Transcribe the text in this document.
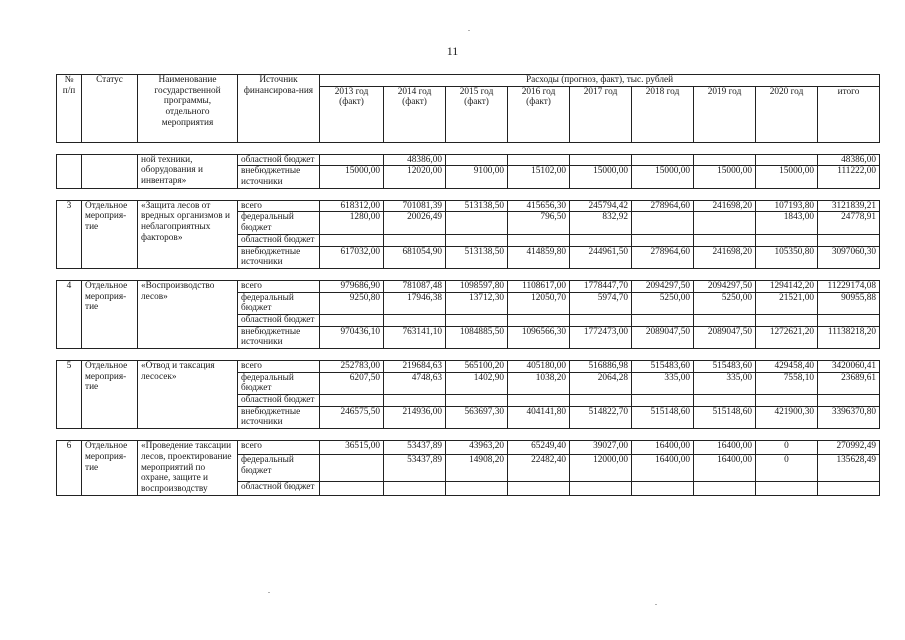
11
№ п/п	Статус	Наименование государственной программы, отдельного мероприятия	Источник финансирова-ния	Расходы (прогноз, факт), тыс. рублей								
				2013 год (факт)	2014 год (факт)	2015 год (факт)	2016 год (факт)	2017 год	2018 год	2019 год	2020 год	итого

		ной техники, оборудования и инвентаря»	областной бюджет		48386,00							48386,00
			внебюджетные источники	15000,00	12020,00	9100,00	15102,00	15000,00	15000,00	15000,00	15000,00	111222,00

3	Отдельное мероприя-тие	«Защита лесов от вредных организмов и неблагоприятных факторов»	всего	618312,00	701081,39	513138,50	415656,30	245794,42	278964,60	241698,20	107193,80	3121839,21
			федеральный бюджет	1280,00	20026,49		796,50	832,92			1843,00	24778,91
			областной бюджет									
			внебюджетные источники	617032,00	681054,90	513138,50	414859,80	244961,50	278964,60	241698,20	105350,80	3097060,30

4	Отдельное мероприя-тие	«Воспроизводство лесов»	всего	979686,90	781087,48	1098597,80	1108617,00	1778447,70	2094297,50	2094297,50	1294142,20	11229174,08
			федеральный бюджет	9250,80	17946,38	13712,30	12050,70	5974,70	5250,00	5250,00	21521,00	90955,88
			областной бюджет									
			внебюджетные источники	970436,10	763141,10	1084885,50	1096566,30	1772473,00	2089047,50	2089047,50	1272621,20	11138218,20

5	Отдельное мероприя-тие	«Отвод и таксация лесосек»	всего	252783,00	219684,63	565100,20	405180,00	516886,98	515483,60	515483,60	429458,40	3420060,41
			федеральный бюджет	6207,50	4748,63	1402,90	1038,20	2064,28	335,00	335,00	7558,10	23689,61
			областной бюджет									
			внебюджетные источники	246575,50	214936,00	563697,30	404141,80	514822,70	515148,60	515148,60	421900,30	3396370,80

6	Отдельное мероприя-тие	«Проведение таксации лесов, проектирование мероприятий по охране, защите и воспроизводству	всего	36515,00	53437,89	43963,20	65249,40	39027,00	16400,00	16400,00	0	270992,49
			федеральный бюджет		53437,89	14908,20	22482,40	12000,00	16400,00	16400,00	0	135628,49
			областной бюджет									
